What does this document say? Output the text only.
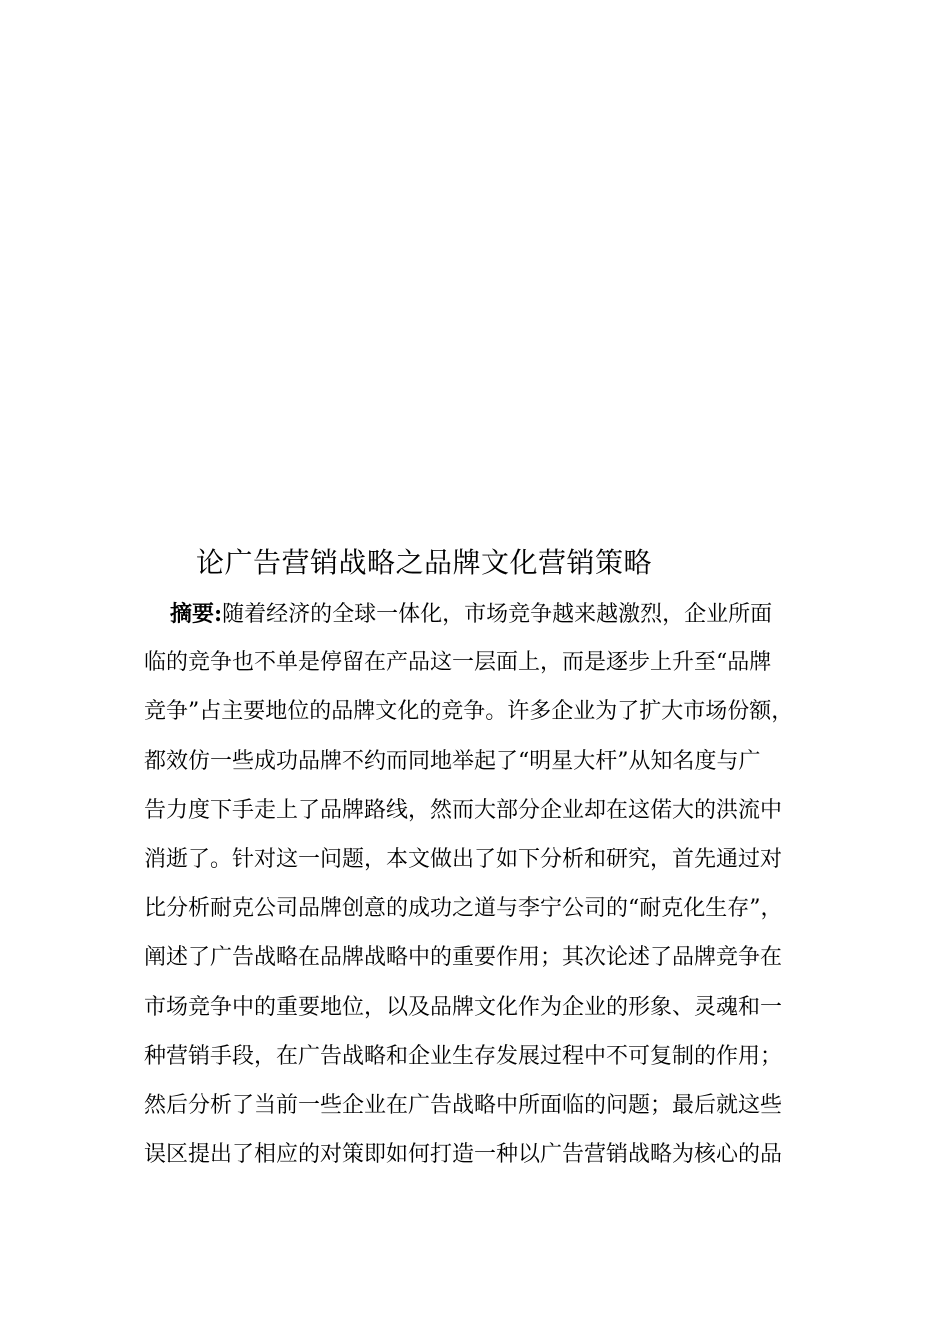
论广告营销战略之品牌文化营销策略
摘要:随着经济的全球一体化，市场竞争越来越激烈，企业所面
临的竞争也不单是停留在产品这一层面上，而是逐步上升至“品牌
竞争”占主要地位的品牌文化的竞争。许多企业为了扩大市场份额，
都效仿一些成功品牌不约而同地举起了“明星大杆”从知名度与广
告力度下手走上了品牌路线，然而大部分企业却在这偌大的洪流中
消逝了。针对这一问题，本文做出了如下分析和研究，首先通过对
比分析耐克公司品牌创意的成功之道与李宁公司的“耐克化生存”，
阐述了广告战略在品牌战略中的重要作用；其次论述了品牌竞争在
市场竞争中的重要地位，以及品牌文化作为企业的形象、灵魂和一
种营销手段，在广告战略和企业生存发展过程中不可复制的作用；
然后分析了当前一些企业在广告战略中所面临的问题；最后就这些
误区提出了相应的对策即如何打造一种以广告营销战略为核心的品
